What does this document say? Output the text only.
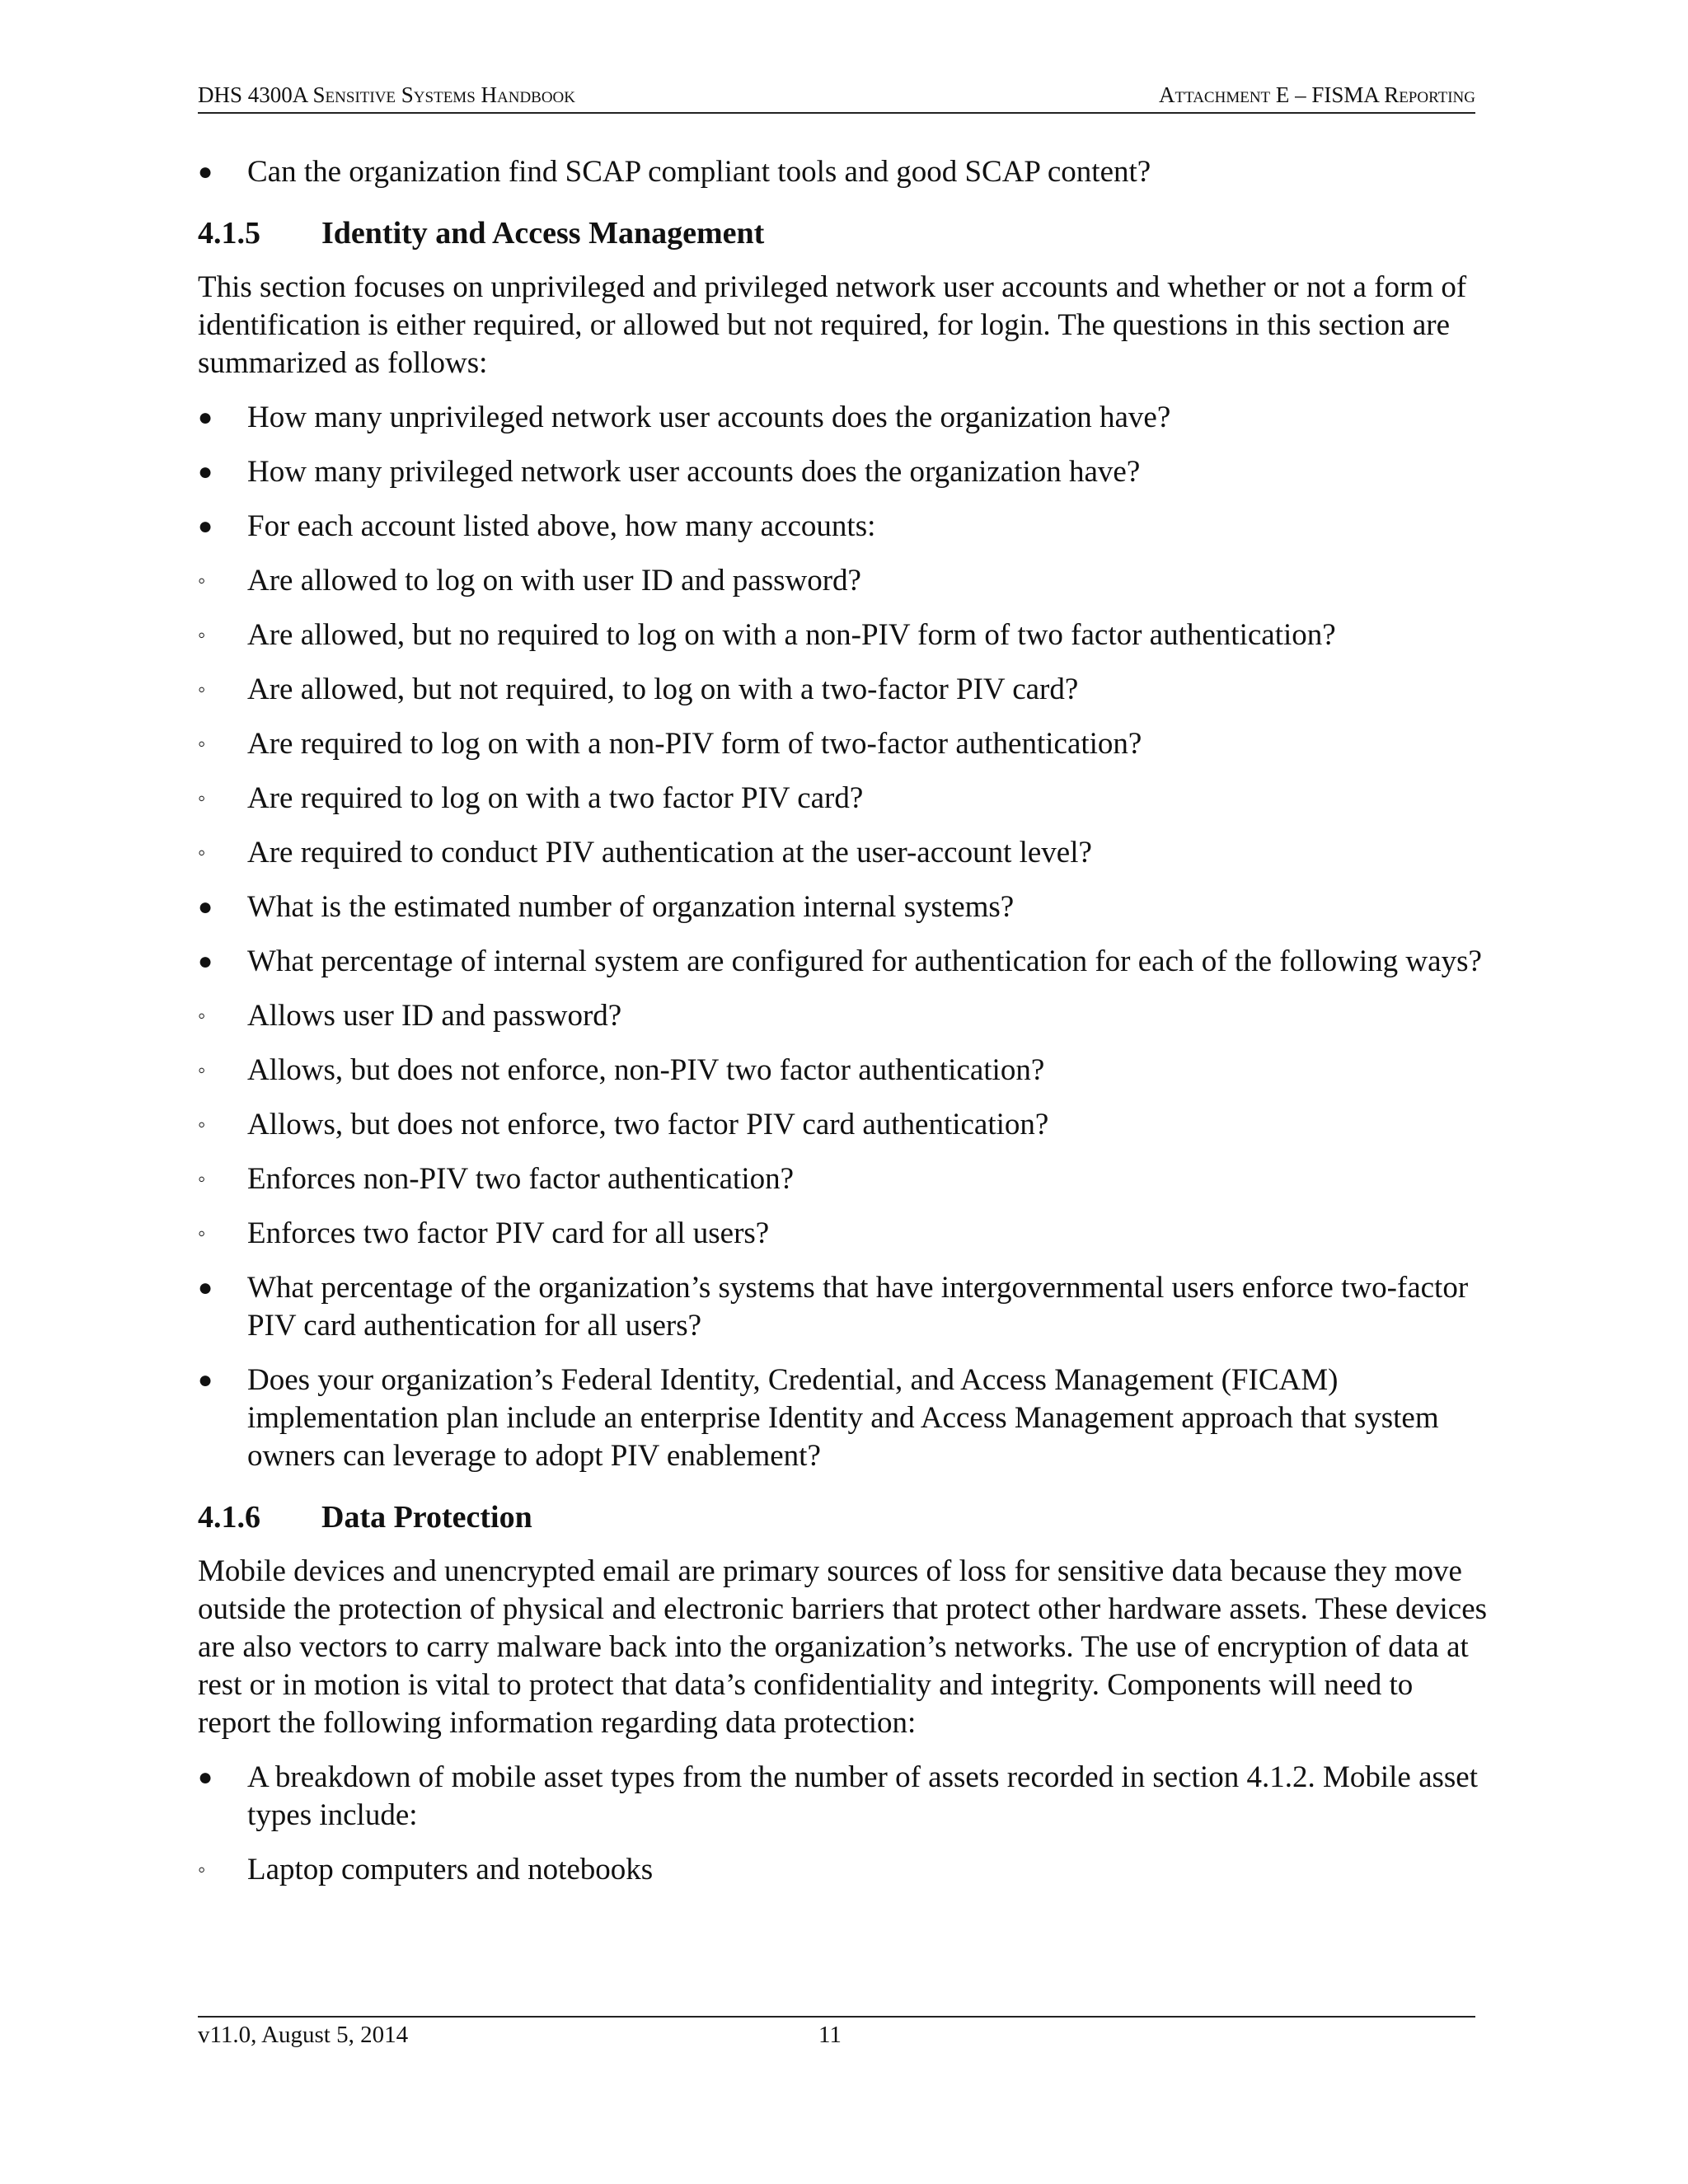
DHS 4300A Sensitive Systems Handbook	Attachment E – FISMA Reporting
●	Can the organization find SCAP compliant tools and good SCAP content?
4.1.5 Identity and Access Management
This section focuses on unprivileged and privileged network user accounts and whether or not a form of identification is either required, or allowed but not required, for login. The questions in this section are summarized as follows:
●	How many unprivileged network user accounts does the organization have?
●	How many privileged network user accounts does the organization have?
●	For each account listed above, how many accounts:
◦	Are allowed to log on with user ID and password?
◦	Are allowed, but no required to log on with a non-PIV form of two factor authentication?
◦	Are allowed, but not required, to log on with a two-factor PIV card?
◦	Are required to log on with a non-PIV form of two-factor authentication?
◦	Are required to log on with a two factor PIV card?
◦	Are required to conduct PIV authentication at the user-account level?
●	What is the estimated number of organzation internal systems?
●	What percentage of internal system are configured for authentication for each of the following ways?
◦	Allows user ID and password?
◦	Allows, but does not enforce, non-PIV two factor authentication?
◦	Allows, but does not enforce, two factor PIV card authentication?
◦	Enforces non-PIV two factor authentication?
◦	Enforces two factor PIV card for all users?
●	What percentage of the organization’s systems that have intergovernmental users enforce two-factor PIV card authentication for all users?
●	Does your organization’s Federal Identity, Credential, and Access Management (FICAM) implementation plan include an enterprise Identity and Access Management approach that system owners can leverage to adopt PIV enablement?
4.1.6 Data Protection
Mobile devices and unencrypted email are primary sources of loss for sensitive data because they move outside the protection of physical and electronic barriers that protect other hardware assets. These devices are also vectors to carry malware back into the organization’s networks. The use of encryption of data at rest or in motion is vital to protect that data’s confidentiality and integrity. Components will need to report the following information regarding data protection:
●	A breakdown of mobile asset types from the number of assets recorded in section 4.1.2. Mobile asset types include:
◦	Laptop computers and notebooks
v11.0, August 5, 2014	11
